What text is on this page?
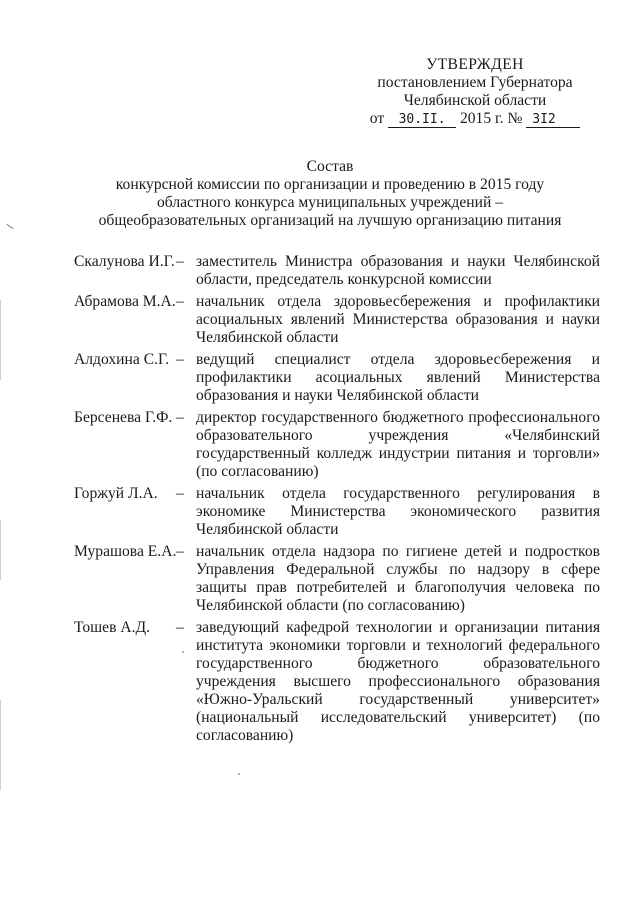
УТВЕРЖДЕН
постановлением Губернатора
Челябинской области
от 30.II. 2015 г. № 3I2
Состав
конкурсной комиссии по организации и проведению в 2015 году
областного конкурса муниципальных учреждений –
общеобразовательных организаций на лучшую организацию питания
Скалунова И.Г. – заместитель Министра образования и науки Челябинской области, председатель конкурсной комиссии
Абрамова М.А. – начальник отдела здоровьесбережения и профилактики асоциальных явлений Министерства образования и науки Челябинской области
Алдохина С.Г. – ведущий специалист отдела здоровьесбережения и профилактики асоциальных явлений Министерства образования и науки Челябинской области
Берсенева Г.Ф. – директор государственного бюджетного профессионального образовательного учреждения «Челябинский государственный колледж индустрии питания и торговли» (по согласованию)
Горжуй Л.А.	– начальник отдела государственного регулирования в экономике Министерства экономического развития Челябинской области
Мурашова Е.А. – начальник отдела надзора по гигиене детей и подростков Управления Федеральной службы по надзору в сфере защиты прав потребителей и благополучия человека по Челябинской области (по согласованию)
Тошев А.Д.	– заведующий кафедрой технологии и организации питания института экономики торговли и технологий федерального государственного бюджетного образовательного учреждения высшего профессионального образования «Южно-Уральский государственный университет» (национальный исследовательский университет) (по согласованию)
